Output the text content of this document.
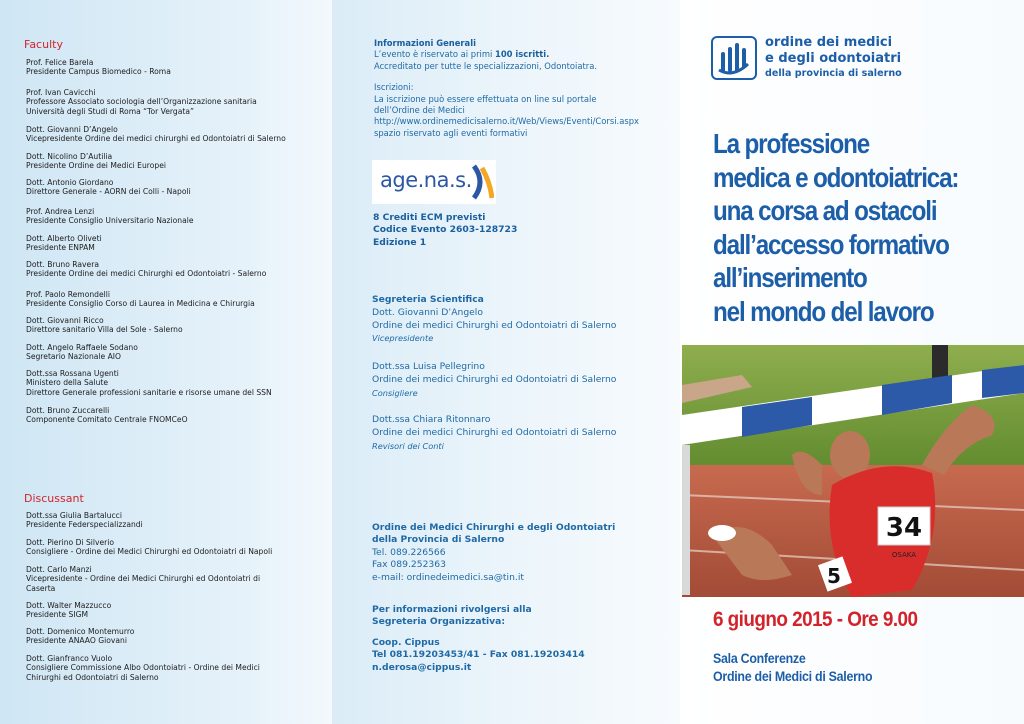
Faculty
Prof. Felice Barela
Presidente Campus Biomedico - Roma
Prof. Ivan Cavicchi
Professore Associato sociologia dell’Organizzazione sanitaria
Università degli Studi di Roma “Tor Vergata”
Dott. Giovanni D’Angelo
Vicepresidente Ordine dei medici chirurghi ed Odontoiatri di Salerno
Dott. Nicolino D’Autilia
Presidente Ordine dei Medici Europei
Dott. Antonio Giordano
Direttore Generale - AORN dei Colli - Napoli
Prof. Andrea Lenzi
Presidente Consiglio Universitario Nazionale
Dott. Alberto Oliveti
Presidente ENPAM
Dott. Bruno Ravera
Presidente Ordine dei medici Chirurghi ed Odontoiatri - Salerno
Prof. Paolo Remondelli
Presidente Consiglio Corso di Laurea in Medicina e Chirurgia
Dott. Giovanni Ricco
Direttore sanitario Villa del Sole - Salerno
Dott. Angelo Raffaele Sodano
Segretario Nazionale AIO
Dott.ssa Rossana Ugenti
Ministero della Salute
Direttore Generale professioni sanitarie e risorse umane del SSN
Dott. Bruno Zuccarelli
Componente Comitato Centrale FNOMCeO
Discussant
Dott.ssa Giulia Bartalucci
Presidente Federspecializzandi
Dott. Pierino Di Silverio
Consigliere - Ordine dei Medici Chirurghi ed Odontoiatri di Napoli
Dott. Carlo Manzi
Vicepresidente - Ordine dei Medici Chirurghi ed Odontoiatri di
Caserta
Dott. Walter Mazzucco
Presidente SIGM
Dott. Domenico Montemurro
Presidente ANAAO Giovani
Dott. Gianfranco Vuolo
Consigliere Commissione Albo Odontoiatri - Ordine dei Medici
Chirurghi ed Odontoiatri di Salerno
Informazioni Generali
L’evento è riservato ai primi 100 iscritti.
Accreditato per tutte le specializzazioni, Odontoiatra.
Iscrizioni:
La iscrizione può essere effettuata on line sul portale
dell’Ordine dei Medici
http://www.ordinemedicisalerno.it/Web/Views/Eventi/Corsi.aspx
spazio riservato agli eventi formativi
age.na.s.
8 Crediti ECM previsti
Codice Evento 2603-128723
Edizione 1
Segreteria Scientifica
Dott. Giovanni D’Angelo
Ordine dei medici Chirurghi ed Odontoiatri di Salerno
Vicepresidente
Dott.ssa Luisa Pellegrino
Ordine dei medici Chirurghi ed Odontoiatri di Salerno
Consigliere
Dott.ssa Chiara Ritonnaro
Ordine dei medici Chirurghi ed Odontoiatri di Salerno
Revisori dei Conti
Ordine dei Medici Chirurghi e degli Odontoiatri
della Provincia di Salerno
Tel. 089.226566
Fax 089.252363
e-mail: ordinedeimedici.sa@tin.it
Per informazioni rivolgersi alla
Segreteria Organizzativa:
Coop. Cippus
Tel 081.19203453/41 - Fax 081.19203414
n.derosa@cippus.it
ordine dei medici
e degli odontoiatri
della provincia di salerno
La professione
medica e odontoiatrica:
una corsa ad ostacoli
dall’accesso formativo
all’inserimento
nel mondo del lavoro
34
OSAKA
5
6 giugno 2015 - Ore 9.00
Sala Conferenze
Ordine dei Medici di Salerno
